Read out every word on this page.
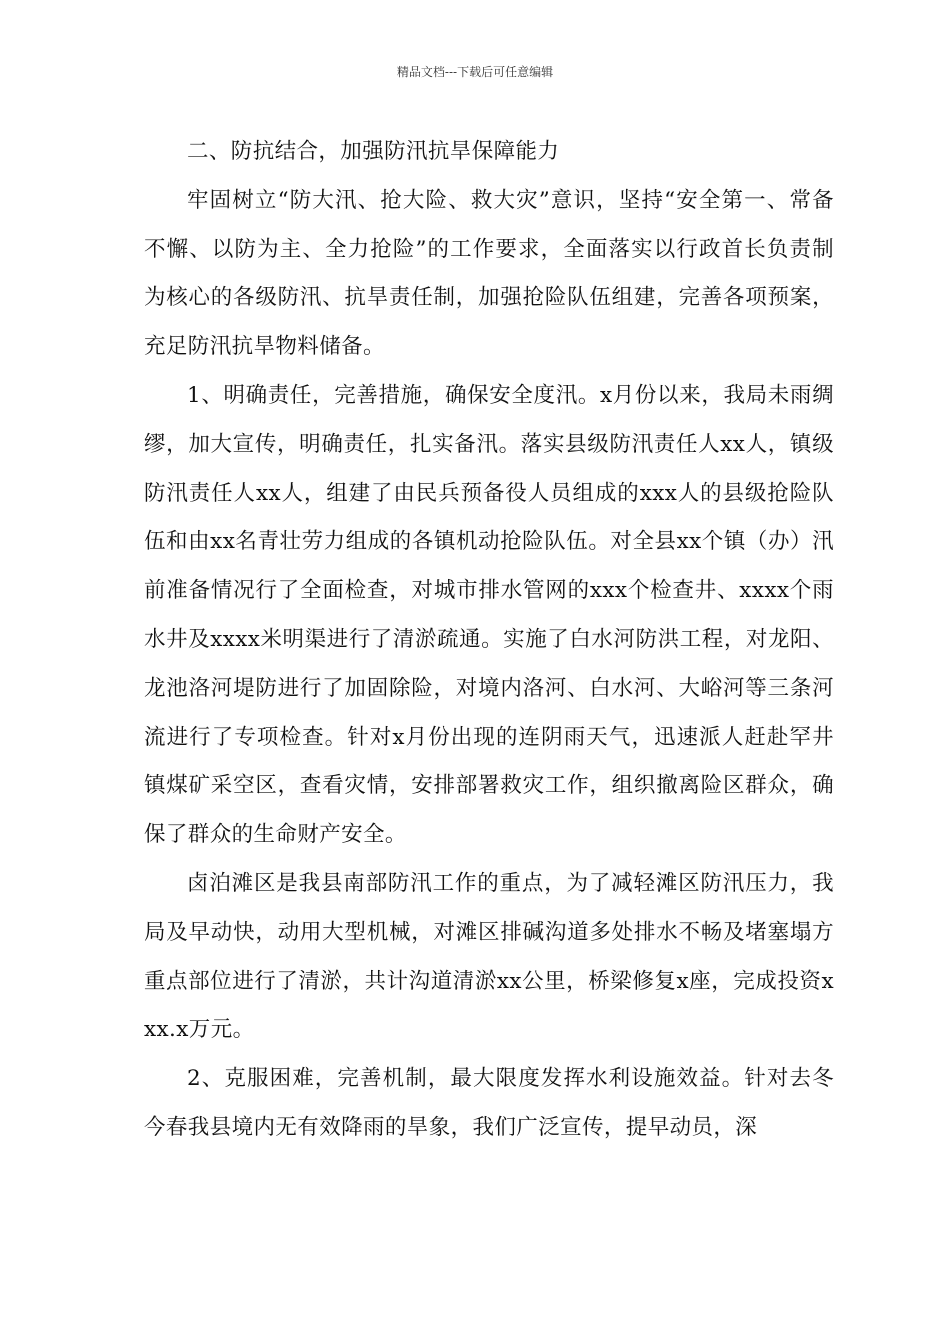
精品文档---下载后可任意编辑

二、防抗结合，加强防汛抗旱保障能力

牢固树立“防大汛、抢大险、救大灾”意识，坚持“安全第一、常备不懈、以防为主、全力抢险”的工作要求，全面落实以行政首长负责制为核心的各级防汛、抗旱责任制，加强抢险队伍组建，完善各项预案，充足防汛抗旱物料储备。

1、明确责任，完善措施，确保安全度汛。x月份以来，我局未雨绸缪，加大宣传，明确责任，扎实备汛。落实县级防汛责任人xx人，镇级防汛责任人xx人，组建了由民兵预备役人员组成的xxx人的县级抢险队伍和由xx名青壮劳力组成的各镇机动抢险队伍。对全县xx个镇（办）汛前准备情况行了全面检查，对城市排水管网的xxx个检查井、xxxx个雨水井及xxxx米明渠进行了清淤疏通。实施了白水河防洪工程，对龙阳、龙池洛河堤防进行了加固除险，对境内洛河、白水河、大峪河等三条河流进行了专项检查。针对x月份出现的连阴雨天气，迅速派人赶赴罕井镇煤矿采空区，查看灾情，安排部署救灾工作，组织撤离险区群众，确保了群众的生命财产安全。

卤泊滩区是我县南部防汛工作的重点，为了减轻滩区防汛压力，我局及早动快，动用大型机械，对滩区排碱沟道多处排水不畅及堵塞塌方重点部位进行了清淤，共计沟道清淤xx公里，桥梁修复x座，完成投资xxx.x万元。

2、克服困难，完善机制，最大限度发挥水利设施效益。针对去冬今春我县境内无有效降雨的旱象，我们广泛宣传，提早动员，深
